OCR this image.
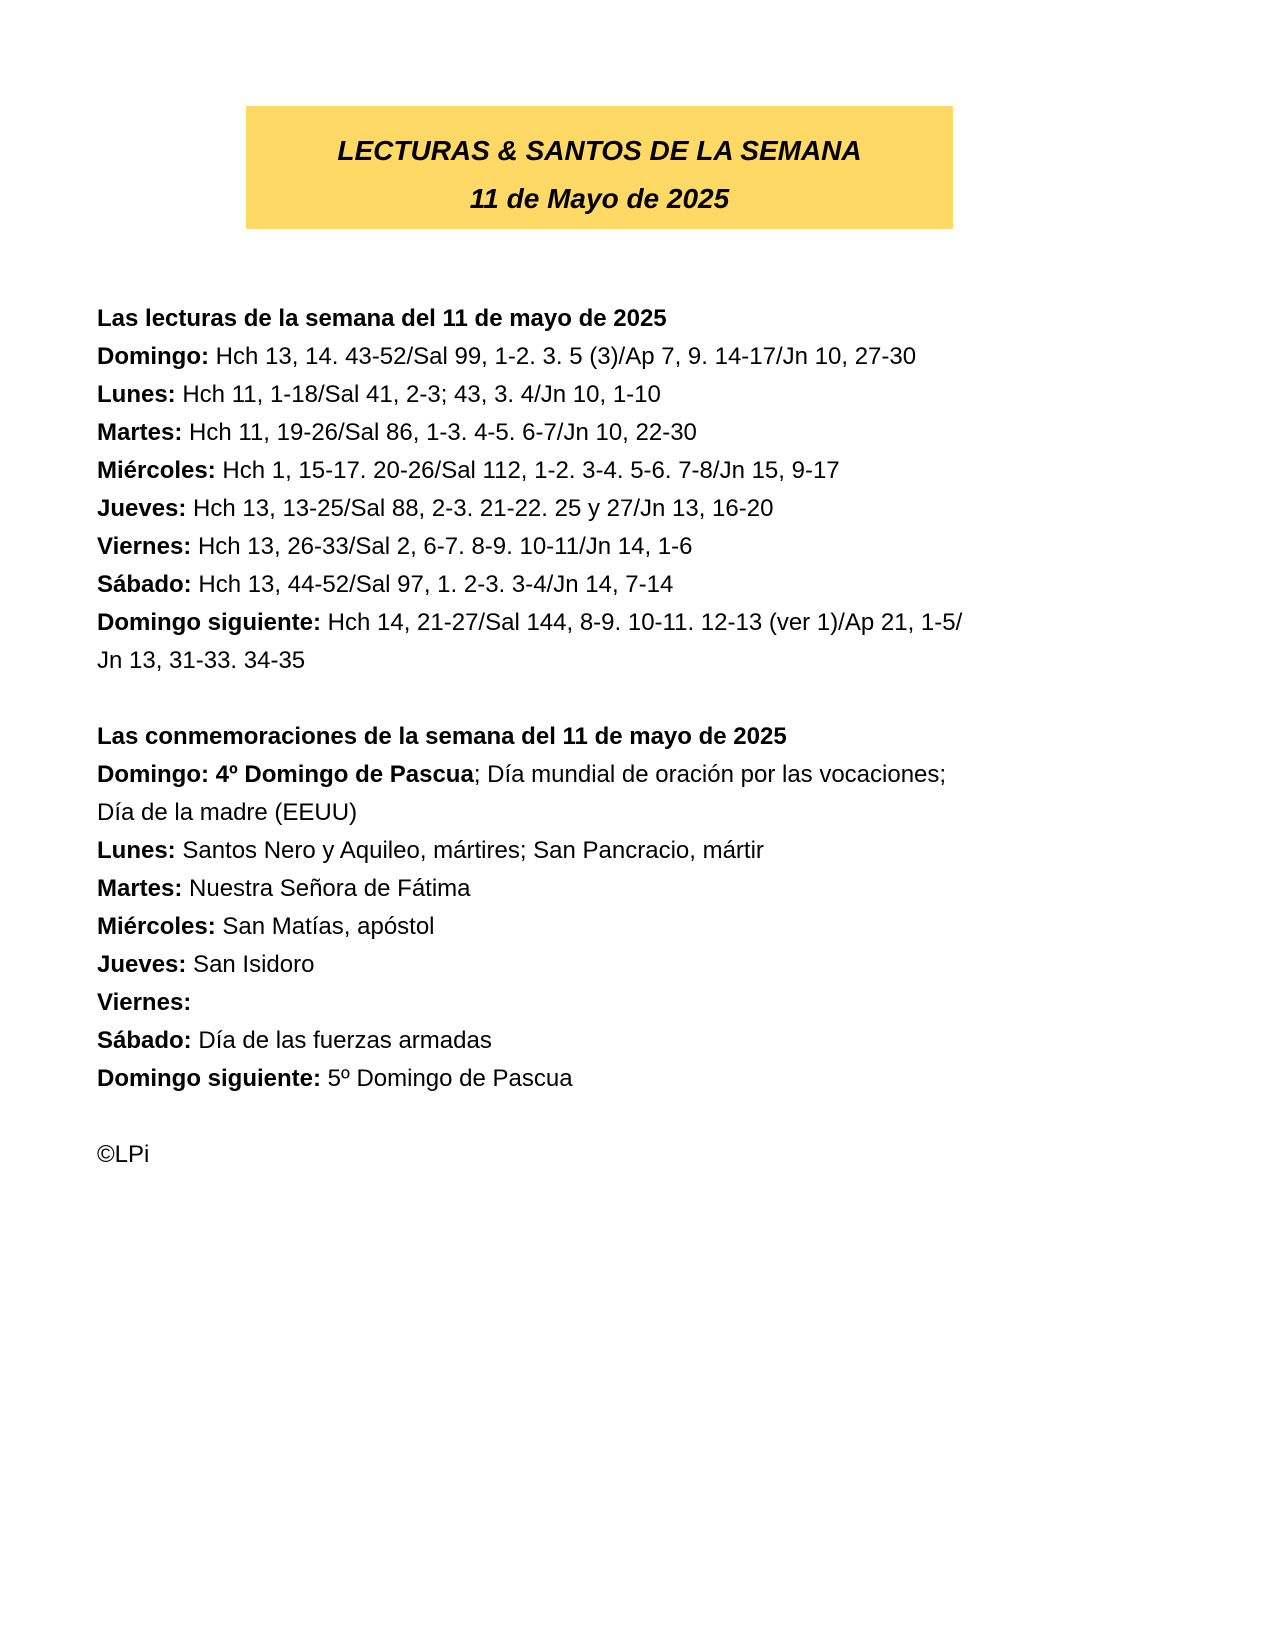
LECTURAS & SANTOS DE LA SEMANA
11 de Mayo de 2025
Las lecturas de la semana del 11 de mayo de 2025
Domingo: Hch 13, 14. 43-52/Sal 99, 1-2. 3. 5 (3)/Ap 7, 9. 14-17/Jn 10, 27-30
Lunes: Hch 11, 1-18/Sal 41, 2-3; 43, 3. 4/Jn 10, 1-10
Martes: Hch 11, 19-26/Sal 86, 1-3. 4-5. 6-7/Jn 10, 22-30
Miércoles: Hch 1, 15-17. 20-26/Sal 112, 1-2. 3-4. 5-6. 7-8/Jn 15, 9-17
Jueves: Hch 13, 13-25/Sal 88, 2-3. 21-22. 25 y 27/Jn 13, 16-20
Viernes: Hch 13, 26-33/Sal 2, 6-7. 8-9. 10-11/Jn 14, 1-6
Sábado: Hch 13, 44-52/Sal 97, 1. 2-3. 3-4/Jn 14, 7-14
Domingo siguiente: Hch 14, 21-27/Sal 144, 8-9. 10-11. 12-13 (ver 1)/Ap 21, 1-5/
Jn 13, 31-33. 34-35
Las conmemoraciones de la semana del 11 de mayo de 2025
Domingo: 4º Domingo de Pascua; Día mundial de oración por las vocaciones;
Día de la madre (EEUU)
Lunes: Santos Nero y Aquileo, mártires; San Pancracio, mártir
Martes: Nuestra Señora de Fátima
Miércoles: San Matías, apóstol
Jueves: San Isidoro
Viernes:
Sábado: Día de las fuerzas armadas
Domingo siguiente: 5º Domingo de Pascua
©LPi
